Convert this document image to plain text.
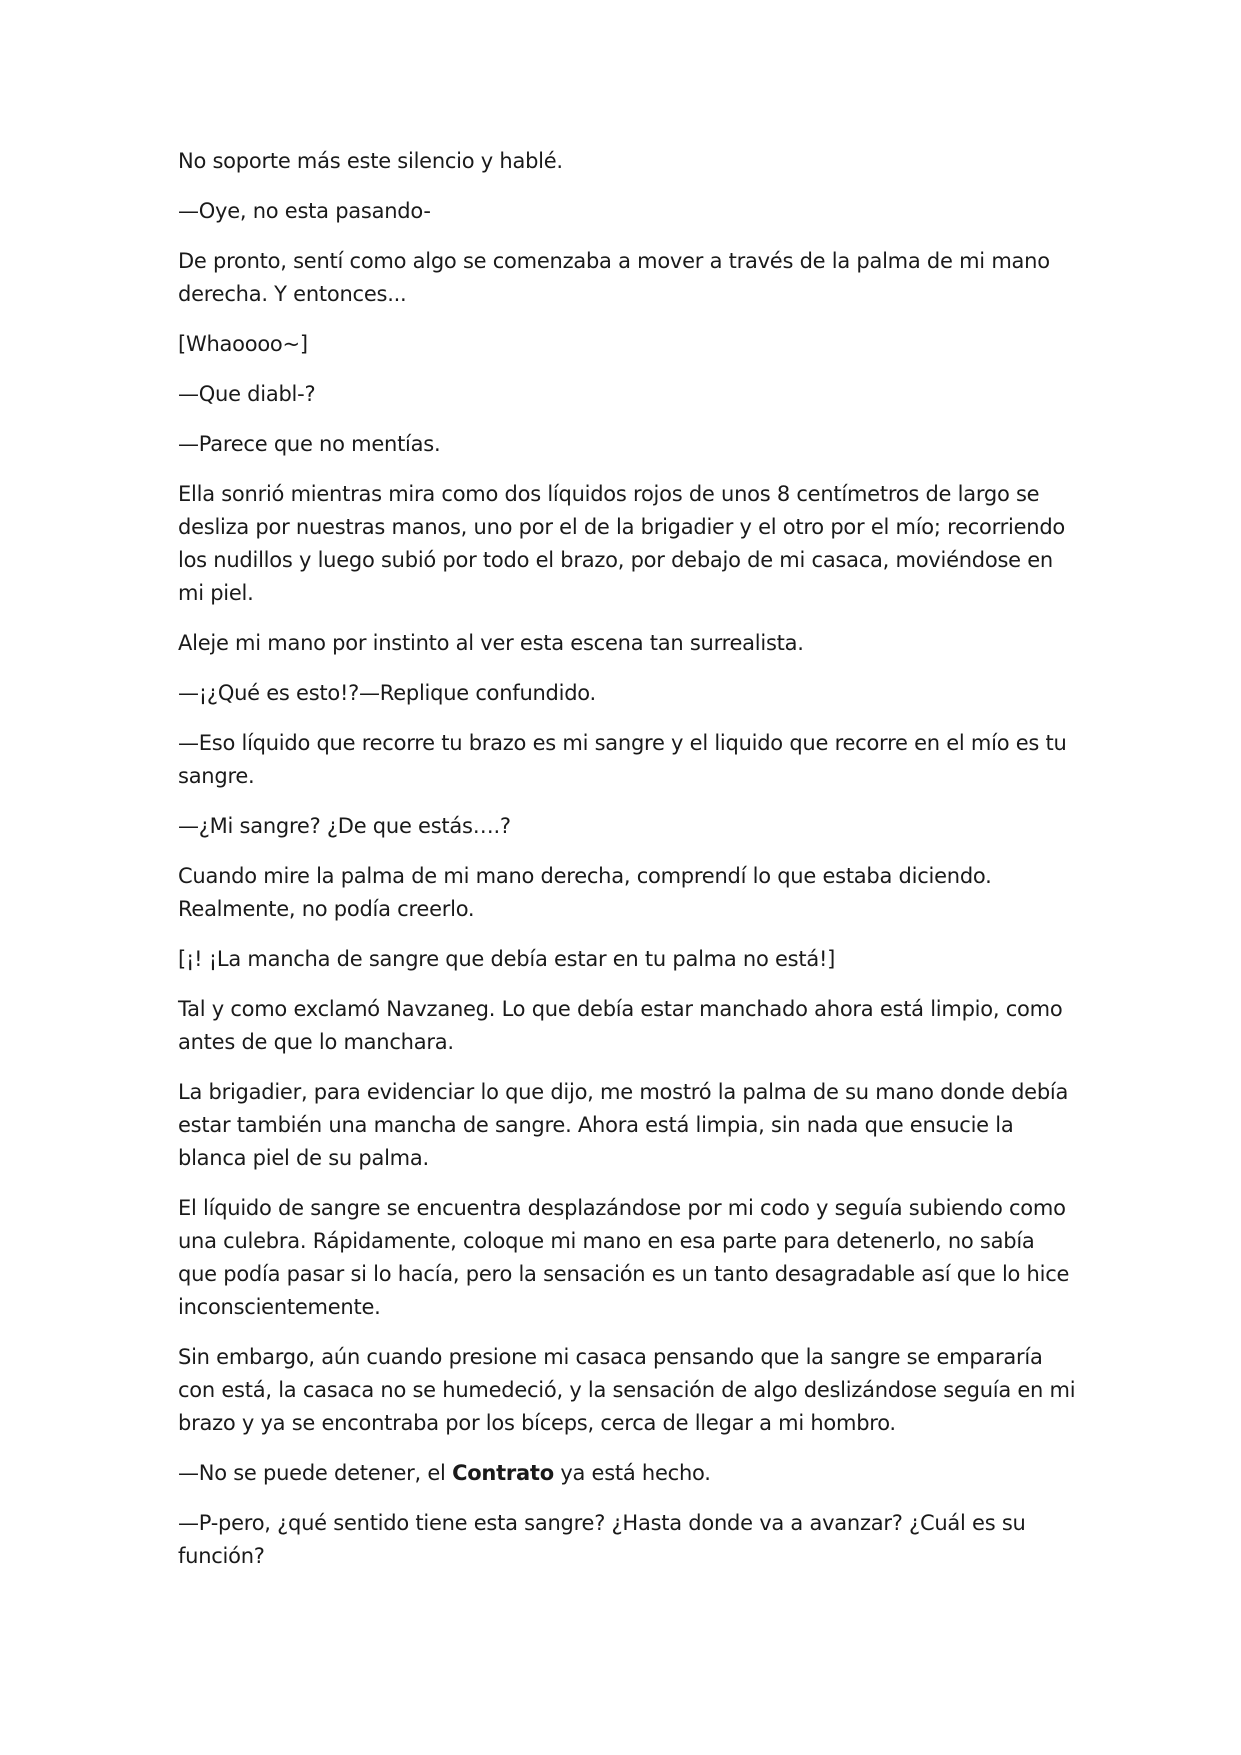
No soporte más este silencio y hablé.

—Oye, no esta pasando-

De pronto, sentí como algo se comenzaba a mover a través de la palma de mi mano derecha. Y entonces...

[Whaoooo~]

—Que diabl-?

—Parece que no mentías.

Ella sonrió mientras mira como dos líquidos rojos de unos 8 centímetros de largo se desliza por nuestras manos, uno por el de la brigadier y el otro por el mío; recorriendo los nudillos y luego subió por todo el brazo, por debajo de mi casaca, moviéndose en mi piel.

Aleje mi mano por instinto al ver esta escena tan surrealista.

—¡¿Qué es esto!?—Replique confundido.

—Eso líquido que recorre tu brazo es mi sangre y el liquido que recorre en el mío es tu sangre.

—¿Mi sangre? ¿De que estás….?

Cuando mire la palma de mi mano derecha, comprendí lo que estaba diciendo. Realmente, no podía creerlo.

[¡! ¡La mancha de sangre que debía estar en tu palma no está!]

Tal y como exclamó Navzaneg. Lo que debía estar manchado ahora está limpio, como antes de que lo manchara.

La brigadier, para evidenciar lo que dijo, me mostró la palma de su mano donde debía estar también una mancha de sangre. Ahora está limpia, sin nada que ensucie la blanca piel de su palma.

El líquido de sangre se encuentra desplazándose por mi codo y seguía subiendo como una culebra. Rápidamente, coloque mi mano en esa parte para detenerlo, no sabía que podía pasar si lo hacía, pero la sensación es un tanto desagradable así que lo hice inconscientemente.

Sin embargo, aún cuando presione mi casaca pensando que la sangre se empararía con está, la casaca no se humedeció, y la sensación de algo deslizándose seguía en mi brazo y ya se encontraba por los bíceps, cerca de llegar a mi hombro.

—No se puede detener, el Contrato ya está hecho.

—P-pero, ¿qué sentido tiene esta sangre? ¿Hasta donde va a avanzar? ¿Cuál es su función?
